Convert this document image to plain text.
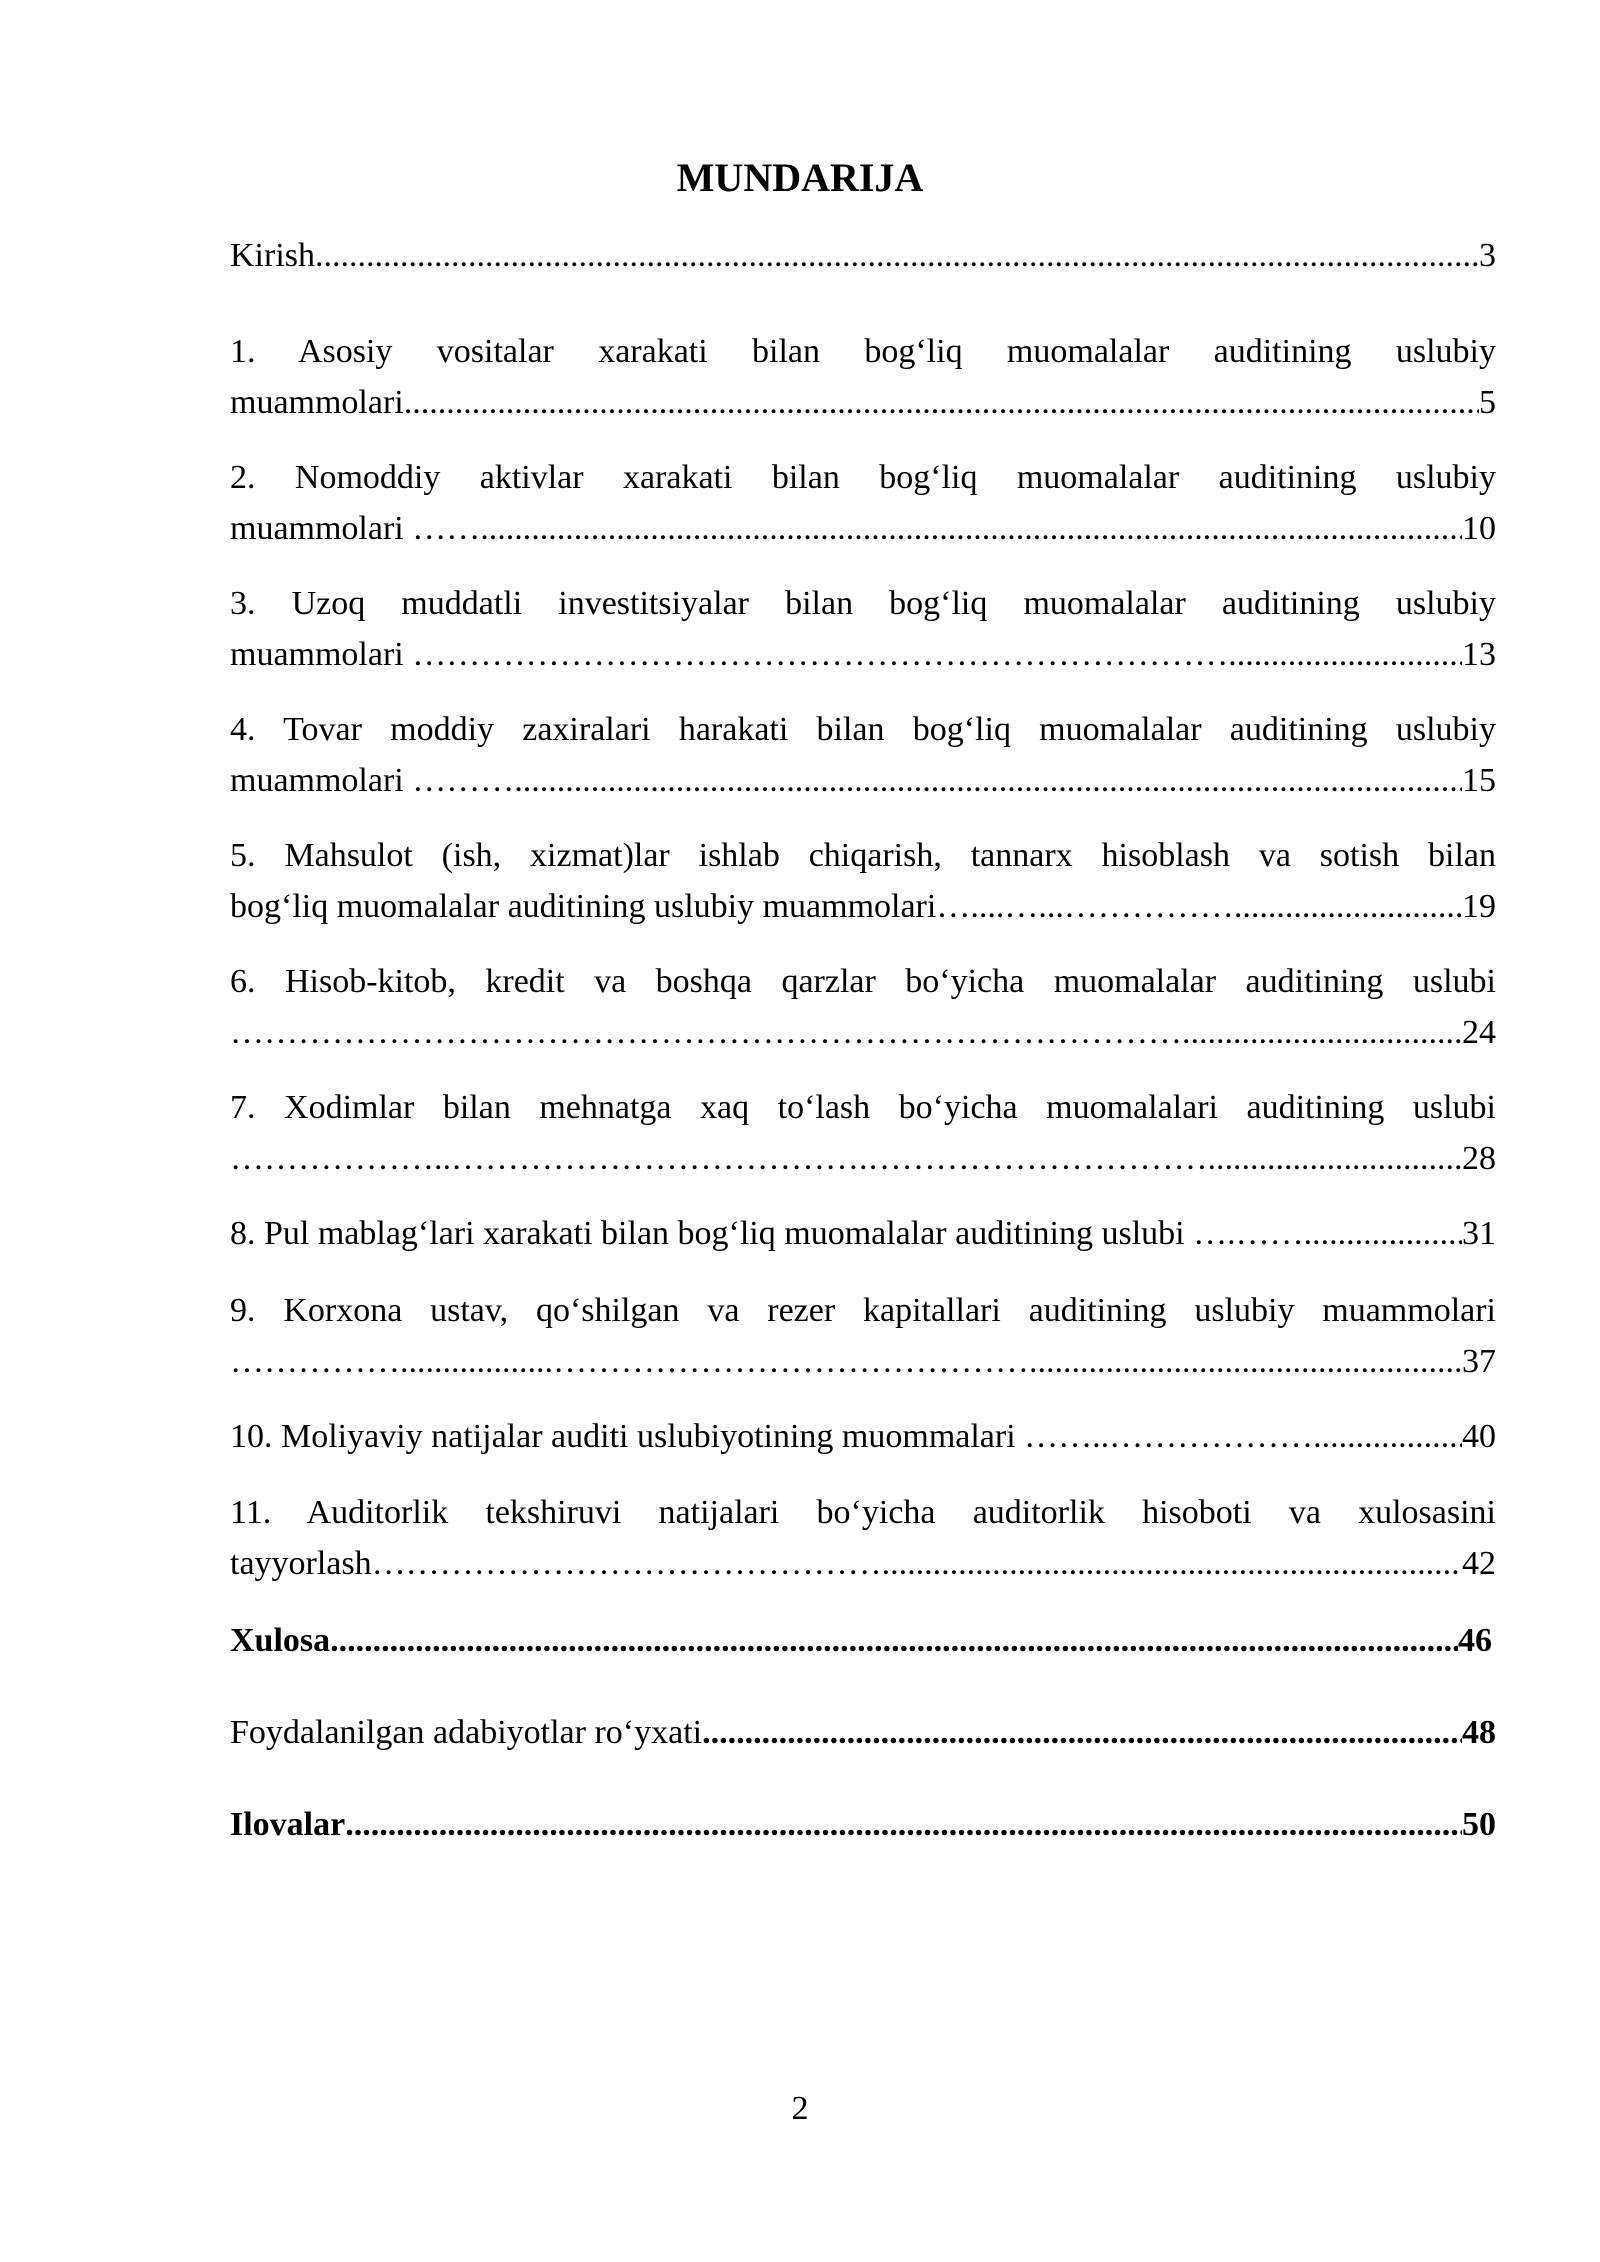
MUNDARIJA
Kirish .....	3
1. Asosiy vositalar xarakati bilan bog‘liq muomalalar auditining uslubiy
muammolari .....	5
2. Nomoddiy aktivlar xarakati bilan bog‘liq muomalalar auditining uslubiy
muammolari …… .....	10
3. Uzoq muddatli investitsiyalar bilan bog‘liq muomalalar auditining uslubiy
muammolari ……………………………………………………………… .....	13
4. Tovar moddiy zaxiralari harakati bilan bog‘liq muomalalar auditining uslubiy
muammolari ……… .....	15
5. Mahsulot (ish, xizmat)lar ishlab chiqarish, tannarx hisoblash va sotish bilan
bog‘liq muomalalar auditining uslubiy muammolari…....…...…………… .....	19
6. Hisob-kitob, kredit va boshqa qarzlar bo‘yicha muomalalar auditining uslubi
………………………………………………………………………… .....	24
7. Xodimlar bilan mehnatga xaq to‘lash bo‘yicha muomalalari auditining uslubi
………………..……………………………….………………………… .....	28
8. Pul mablag‘lari xarakati bilan bog‘liq muomalalar auditining uslubi ….…… .....	31
9. Korxona ustav, qo‘shilgan va rezer kapitallari auditining uslubiy muammolari
……………..................…………………………………… .....	37
10. Moliyaviy natijalar auditi uslubiyotining muommalari ……..……………… .....	40
11. Auditorlik tekshiruvi natijalari bo‘yicha auditorlik hisoboti va xulosasini
tayyorlash……………………………………… .....	42
Xulosa .....	46
Foydalanilgan adabiyotlar ro‘yxati .....	48
Ilovalar .....	50
2
